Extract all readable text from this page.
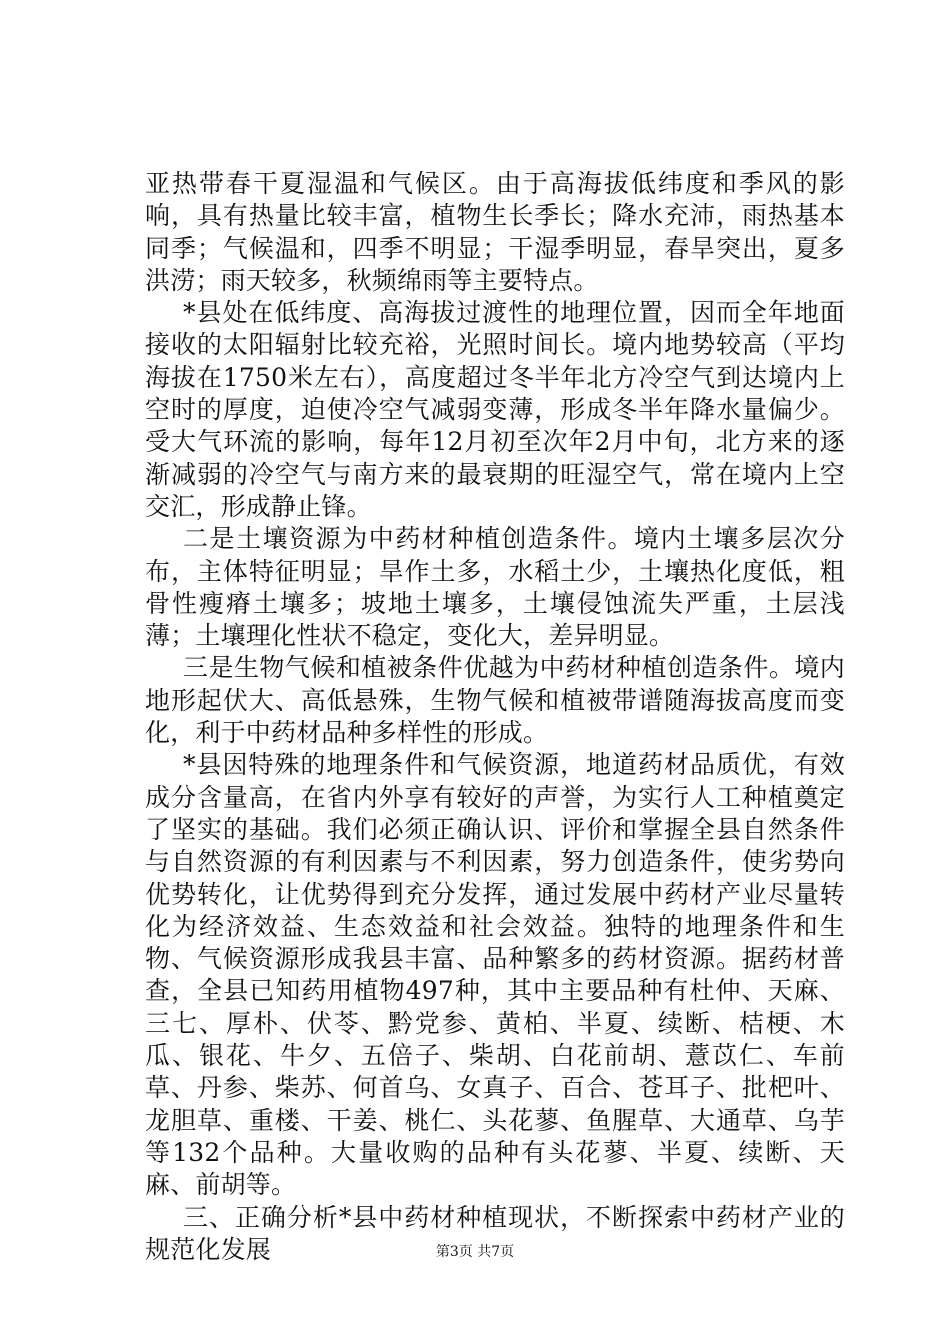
亚热带春干夏湿温和气候区。由于高海拔低纬度和季风的影响，具有热量比较丰富，植物生长季长；降水充沛，雨热基本同季；气候温和，四季不明显；干湿季明显，春旱突出，夏多洪涝；雨天较多，秋频绵雨等主要特点。

*县处在低纬度、高海拔过渡性的地理位置，因而全年地面接收的太阳辐射比较充裕，光照时间长。境内地势较高（平均海拔在1750米左右），高度超过冬半年北方冷空气到达境内上空时的厚度，迫使冷空气减弱变薄，形成冬半年降水量偏少。受大气环流的影响，每年12月初至次年2月中旬，北方来的逐渐减弱的冷空气与南方来的最衰期的旺湿空气，常在境内上空交汇，形成静止锋。

二是土壤资源为中药材种植创造条件。境内土壤多层次分布，主体特征明显；旱作土多，水稻土少，土壤热化度低，粗骨性瘦瘠土壤多；坡地土壤多，土壤侵蚀流失严重，土层浅薄；土壤理化性状不稳定，变化大，差异明显。

三是生物气候和植被条件优越为中药材种植创造条件。境内地形起伏大、高低悬殊，生物气候和植被带谱随海拔高度而变化，利于中药材品种多样性的形成。

*县因特殊的地理条件和气候资源，地道药材品质优，有效成分含量高，在省内外享有较好的声誉，为实行人工种植奠定了坚实的基础。我们必须正确认识、评价和掌握全县自然条件与自然资源的有利因素与不利因素，努力创造条件，使劣势向优势转化，让优势得到充分发挥，通过发展中药材产业尽量转化为经济效益、生态效益和社会效益。独特的地理条件和生物、气候资源形成我县丰富、品种繁多的药材资源。据药材普查，全县已知药用植物497种，其中主要品种有杜仲、天麻、三七、厚朴、伏苓、黔党参、黄柏、半夏、续断、桔梗、木瓜、银花、牛夕、五倍子、柴胡、白花前胡、薏苡仁、车前草、丹参、柴苏、何首乌、女真子、百合、苍耳子、批杷叶、龙胆草、重楼、干姜、桃仁、头花蓼、鱼腥草、大通草、乌芋等132个品种。大量收购的品种有头花蓼、半夏、续断、天麻、前胡等。

三、正确分析*县中药材种植现状，不断探索中药材产业的规范化发展	第3页 共7页
